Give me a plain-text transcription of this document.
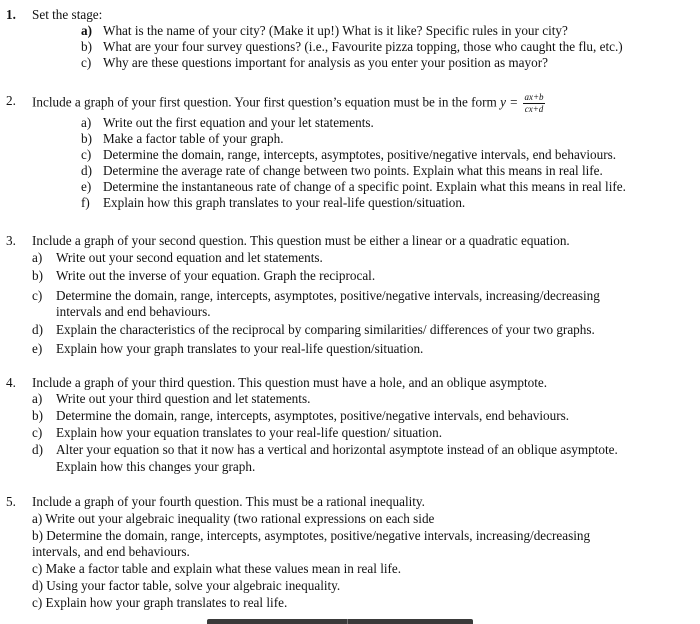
1. Set the stage:
a) What is the name of your city? (Make it up!) What is it like? Specific rules in your city?
b) What are your four survey questions? (i.e., Favourite pizza topping, those who caught the flu, etc.)
c) Why are these questions important for analysis as you enter your position as mayor?
2. Include a graph of your first question. Your first question’s equation must be in the form $y = \frac{ax+b}{cx+d}$
a) Write out the first equation and your let statements.
b) Make a factor table of your graph.
c) Determine the domain, range, intercepts, asymptotes, positive/negative intervals, end behaviours.
d) Determine the average rate of change between two points. Explain what this means in real life.
e) Determine the instantaneous rate of change of a specific point. Explain what this means in real life.
f) Explain how this graph translates to your real-life question/situation.
3. Include a graph of your second question. This question must be either a linear or a quadratic equation.
a) Write out your second equation and let statements.
b) Write out the inverse of your equation. Graph the reciprocal.
c) Determine the domain, range, intercepts, asymptotes, positive/negative intervals, increasing/decreasing
intervals and end behaviours.
d) Explain the characteristics of the reciprocal by comparing similarities/ differences of your two graphs.
e) Explain how your graph translates to your real-life question/situation.
4. Include a graph of your third question. This question must have a hole, and an oblique asymptote.
a) Write out your third question and let statements.
b) Determine the domain, range, intercepts, asymptotes, positive/negative intervals, end behaviours.
c) Explain how your equation translates to your real-life question/ situation.
d) Alter your equation so that it now has a vertical and horizontal asymptote instead of an oblique asymptote.
Explain how this changes your graph.
5. Include a graph of your fourth question. This must be a rational inequality.
a) Write out your algebraic inequality (two rational expressions on each side
b) Determine the domain, range, intercepts, asymptotes, positive/negative intervals, increasing/decreasing
intervals, and end behaviours.
c) Make a factor table and explain what these values mean in real life.
d) Using your factor table, solve your algebraic inequality.
c) Explain how your graph translates to real life.
